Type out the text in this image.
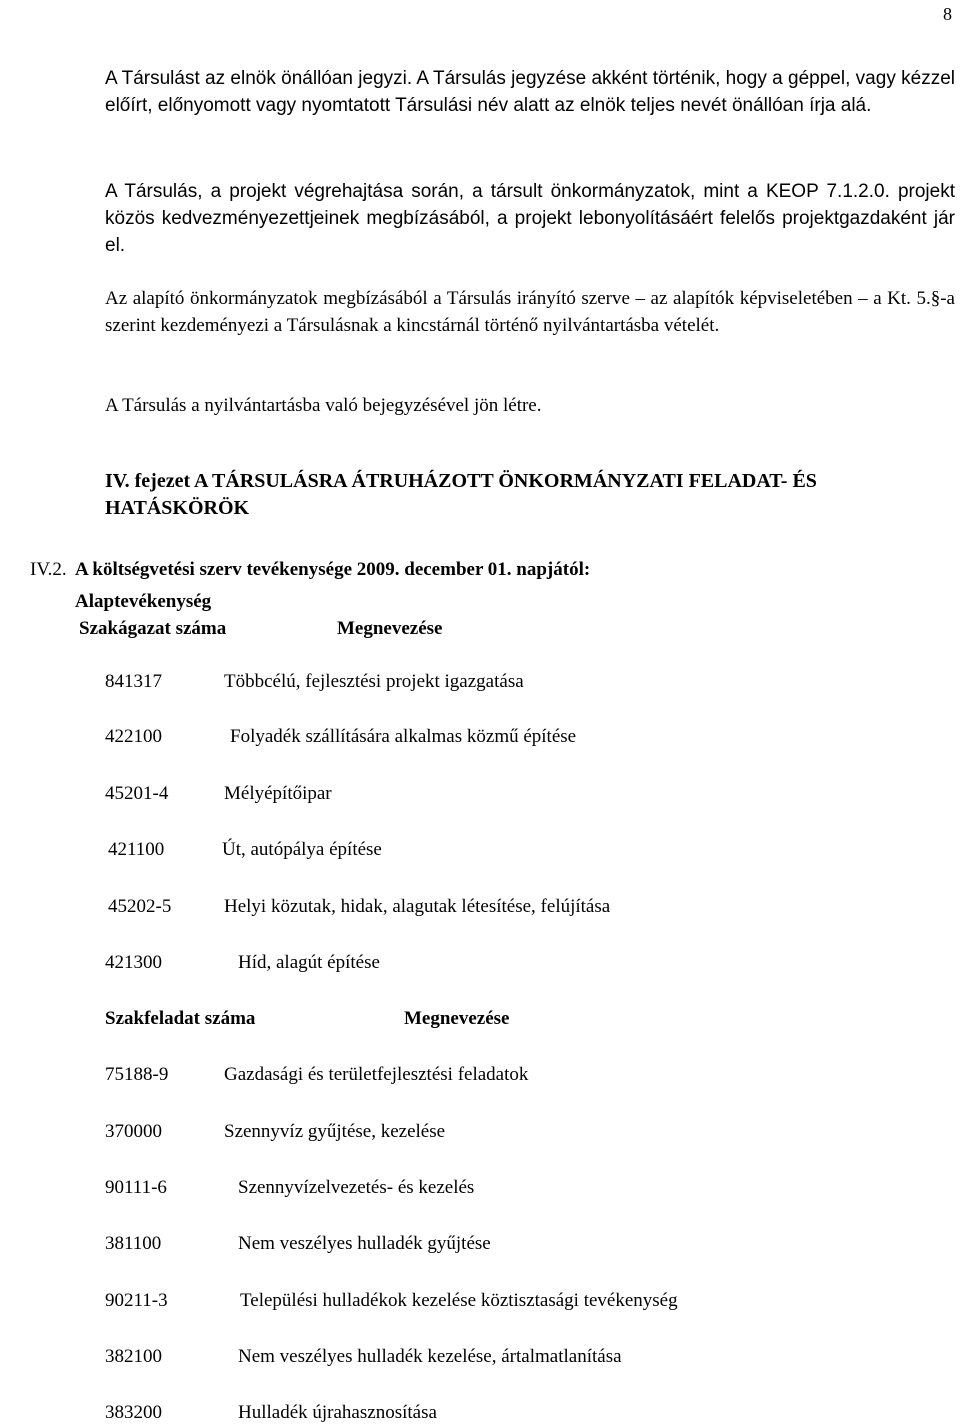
8
A Társulást az elnök önállóan jegyzi. A Társulás jegyzése akként történik, hogy a géppel, vagy kézzel előírt, előnyomott vagy nyomtatott Társulási név alatt az elnök teljes nevét önállóan írja alá.
A Társulás, a projekt végrehajtása során, a társult önkormányzatok, mint a KEOP 7.1.2.0. projekt közös kedvezményezettjeinek megbízásából, a projekt lebonyolításáért felelős projektgazdaként jár el.
Az alapító önkormányzatok megbízásából a Társulás irányító szerve – az alapítók képviseletében – a Kt. 5.§-a szerint kezdeményezi a Társulásnak a kincstárnál történő nyilvántartásba vételét.
A Társulás a nyilvántartásba való bejegyzésével jön létre.
IV. fejezet A TÁRSULÁSRA ÁTRUHÁZOTT ÖNKORMÁNYZATI FELADAT- ÉS
HATÁSKÖRÖK
IV.2. A költségvetési szerv tevékenysége 2009. december 01. napjától:
Alaptevékenység
Szakágazat száma	Megnevezése
841317	Többcélú, fejlesztési projekt igazgatása
422100	Folyadék szállítására alkalmas közmű építése
45201-4	Mélyépítőipar
421100	Út, autópálya építése
45202-5	Helyi közutak, hidak, alagutak létesítése, felújítása
421300	Híd, alagút építése
Szakfeladat száma	Megnevezése
75188-9	Gazdasági és területfejlesztési feladatok
370000	Szennyvíz gyűjtése, kezelése
90111-6	Szennyvízelvezetés- és kezelés
381100	Nem veszélyes hulladék gyűjtése
90211-3	Települési hulladékok kezelése köztisztasági tevékenység
382100	Nem veszélyes hulladék kezelése, ártalmatlanítása
383200	Hulladék újrahasznosítása
